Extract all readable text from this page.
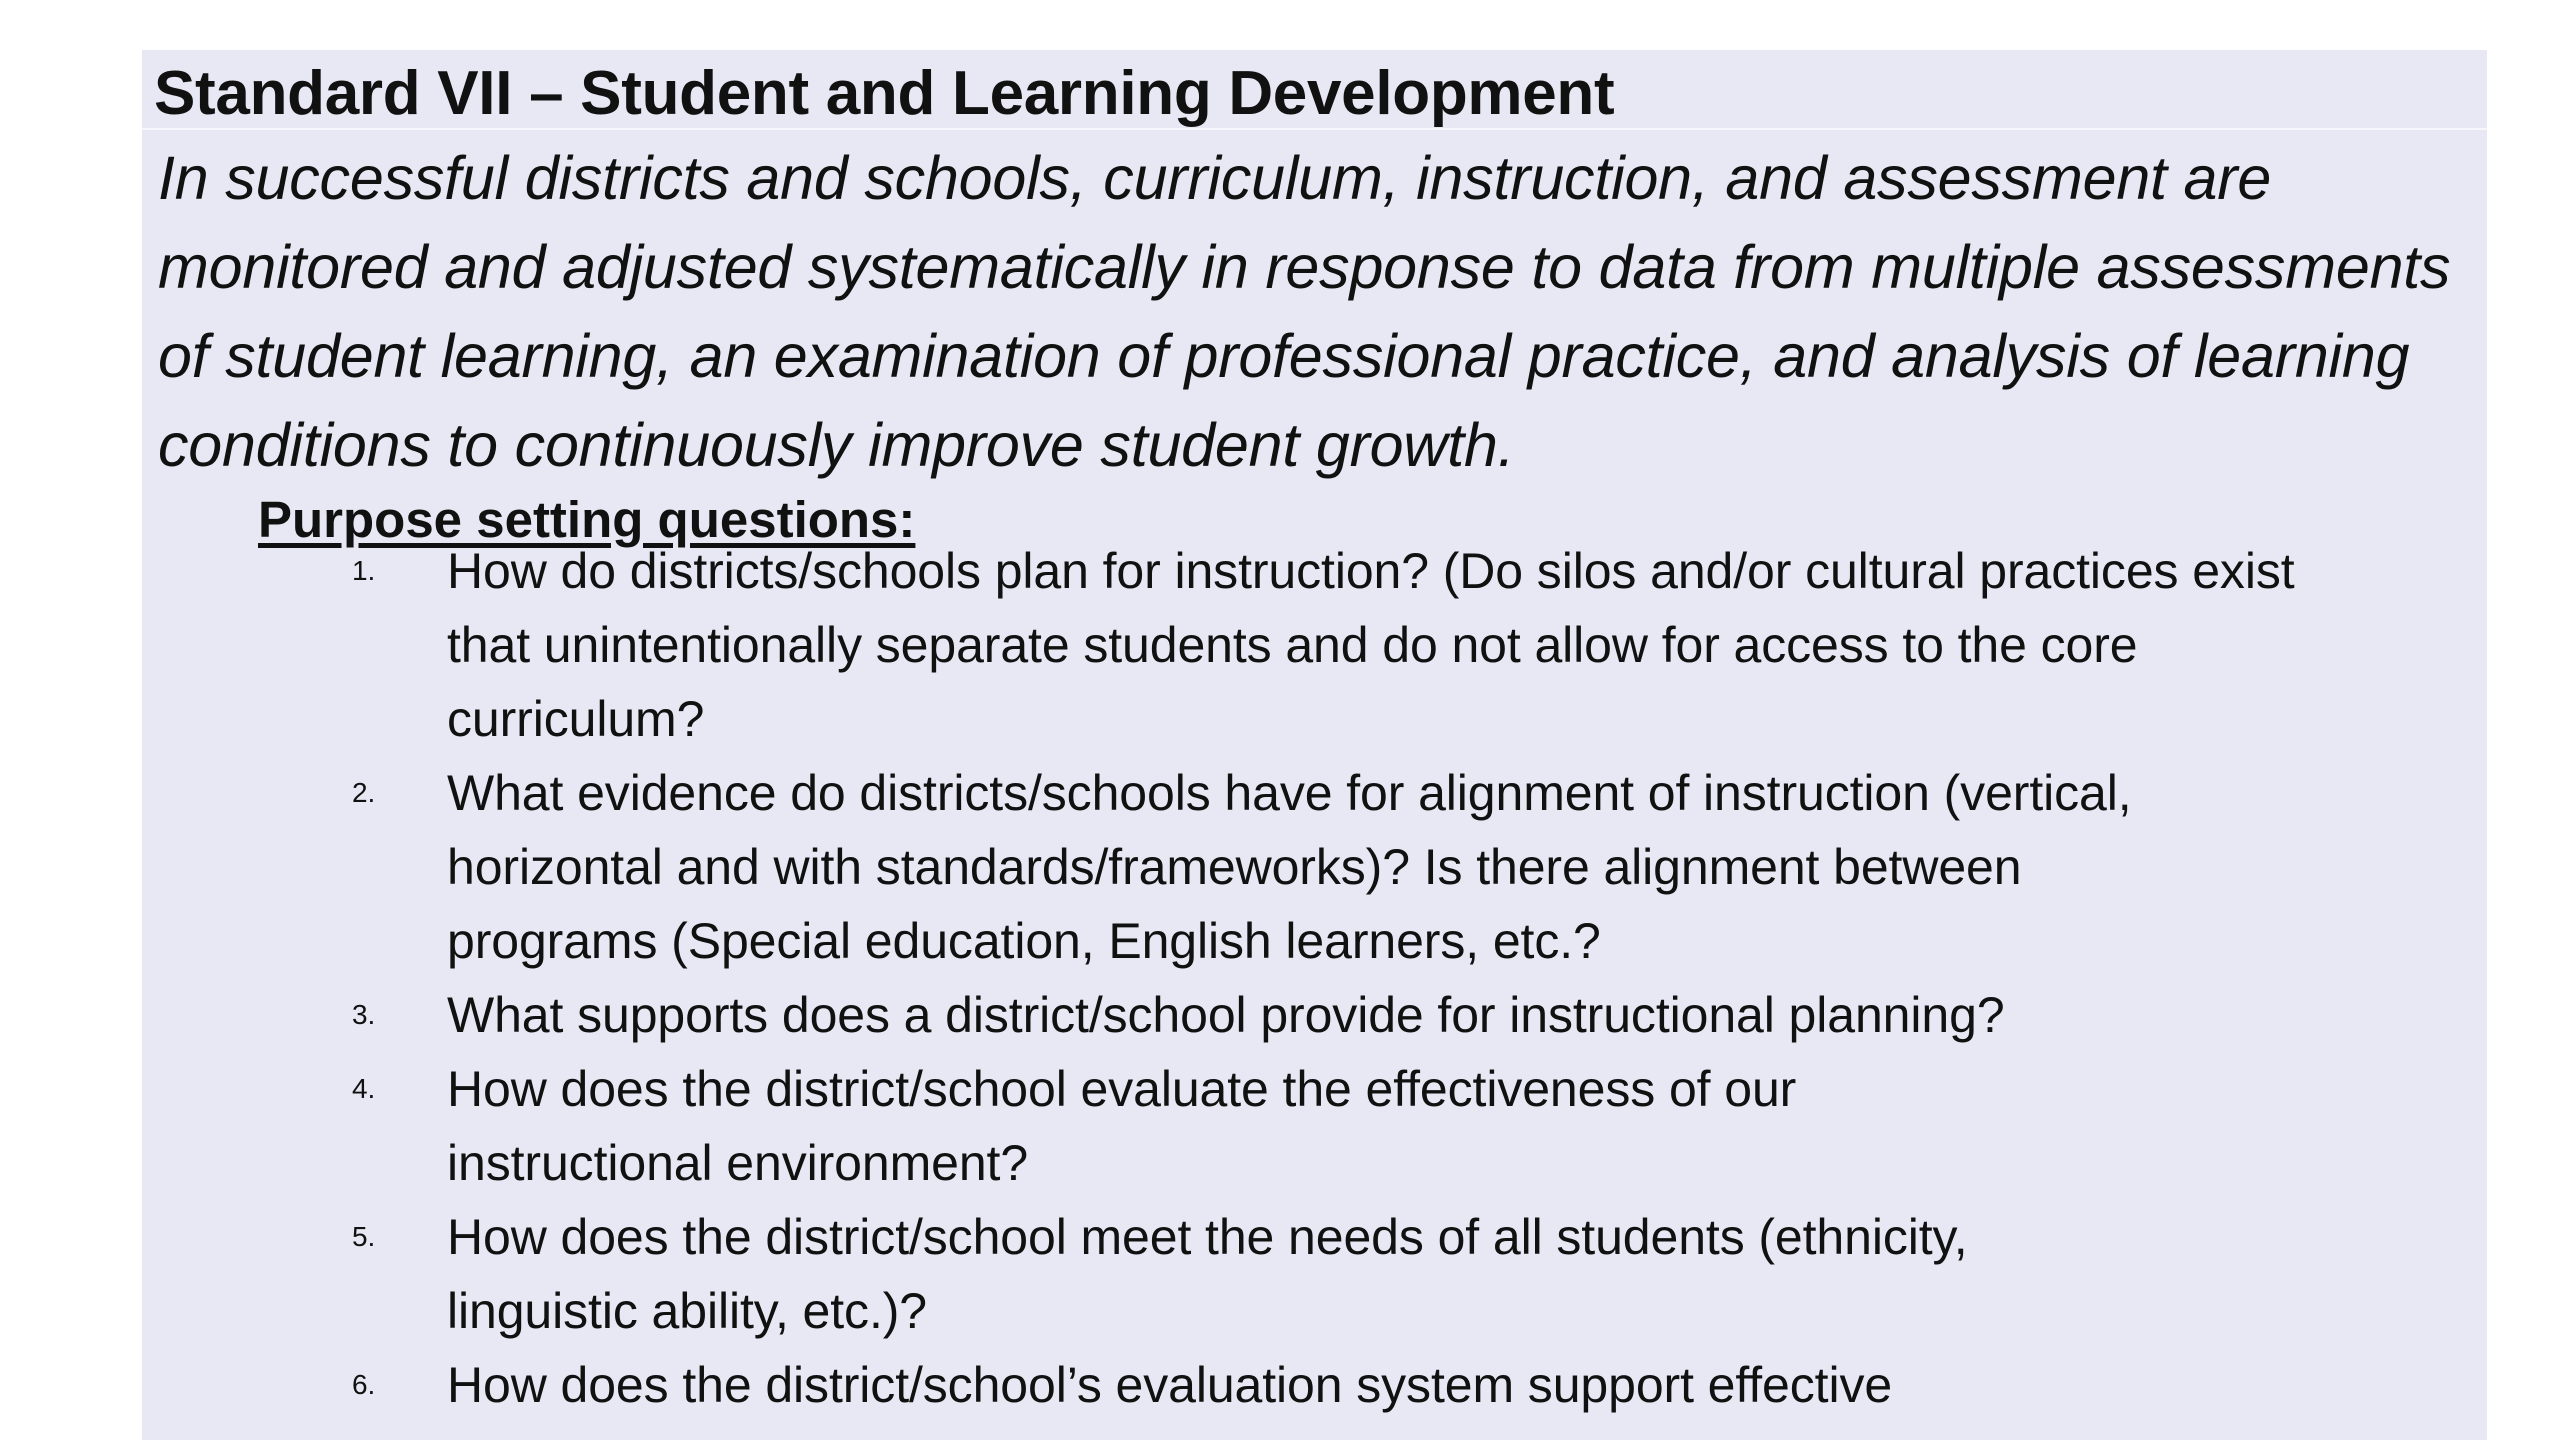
Standard VII – Student and Learning Development
In successful districts and schools, curriculum, instruction, and assessment are monitored and adjusted systematically in response to data from multiple assessments of student learning, an examination of professional practice, and analysis of learning conditions to continuously improve student growth.
Purpose setting questions:
1. How do districts/schools plan for instruction? (Do silos and/or cultural practices exist
that unintentionally separate students and do not allow for access to the core
curriculum?
2. What evidence do districts/schools have for alignment of instruction (vertical,
horizontal and with standards/frameworks)? Is there alignment between
programs (Special education, English learners, etc.?
3. What supports does a district/school provide for instructional planning?
4. How does the district/school evaluate the effectiveness of our
instructional environment?
5. How does the district/school meet the needs of all students (ethnicity,
linguistic ability, etc.)?
6. How does the district/school’s evaluation system support effective
